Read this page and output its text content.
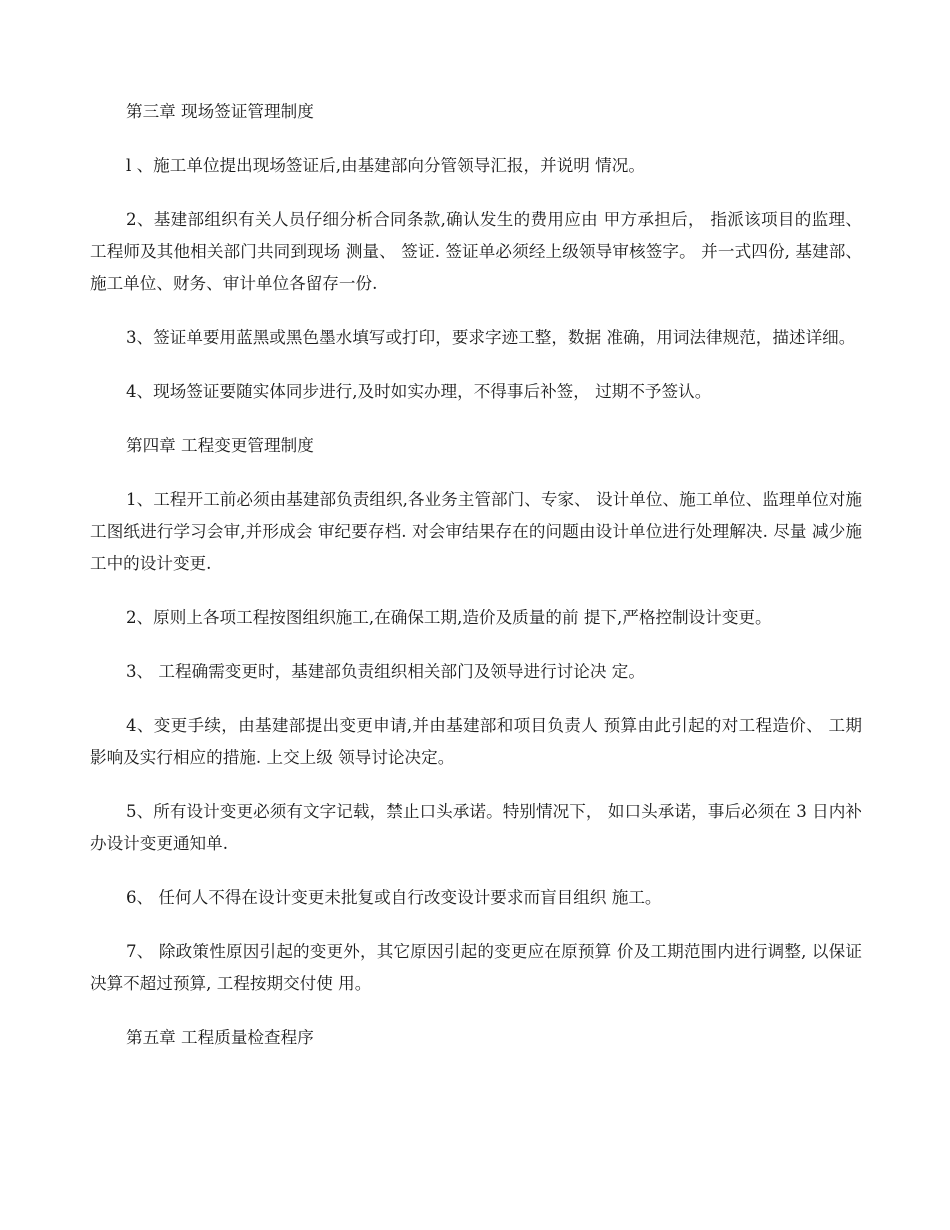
第三章 现场签证管理制度

l 、施工单位提出现场签证后,由基建部向分管领导汇报，并说明 情况。

2、基建部组织有关人员仔细分析合同条款,确认发生的费用应由 甲方承担后， 指派该项目的监理、 工程师及其他相关部门共同到现场 测量、 签证. 签证单必须经上级领导审核签字。 并一式四份, 基建部、 施工单位、财务、审计单位各留存一份.

3、签证单要用蓝黑或黑色墨水填写或打印，要求字迹工整，数据 准确，用词法律规范，描述详细。

4、现场签证要随实体同步进行,及时如实办理，不得事后补签， 过期不予签认。

第四章 工程变更管理制度

1、工程开工前必须由基建部负责组织,各业务主管部门、专家、 设计单位、施工单位、监理单位对施工图纸进行学习会审,并形成会 审纪要存档. 对会审结果存在的问题由设计单位进行处理解决. 尽量 减少施工中的设计变更.

2、原则上各项工程按图组织施工,在确保工期,造价及质量的前 提下,严格控制设计变更。

3、 工程确需变更时，基建部负责组织相关部门及领导进行讨论决 定。

4、变更手续，由基建部提出变更申请,并由基建部和项目负责人 预算由此引起的对工程造价、 工期影响及实行相应的措施. 上交上级 领导讨论决定。

5、所有设计变更必须有文字记载，禁止口头承诺。特别情况下， 如口头承诺，事后必须在 3 日内补办设计变更通知单.

6、 任何人不得在设计变更未批复或自行改变设计要求而盲目组织 施工。

7、 除政策性原因引起的变更外，其它原因引起的变更应在原预算 价及工期范围内进行调整, 以保证决算不超过预算, 工程按期交付使 用。

第五章 工程质量检查程序
